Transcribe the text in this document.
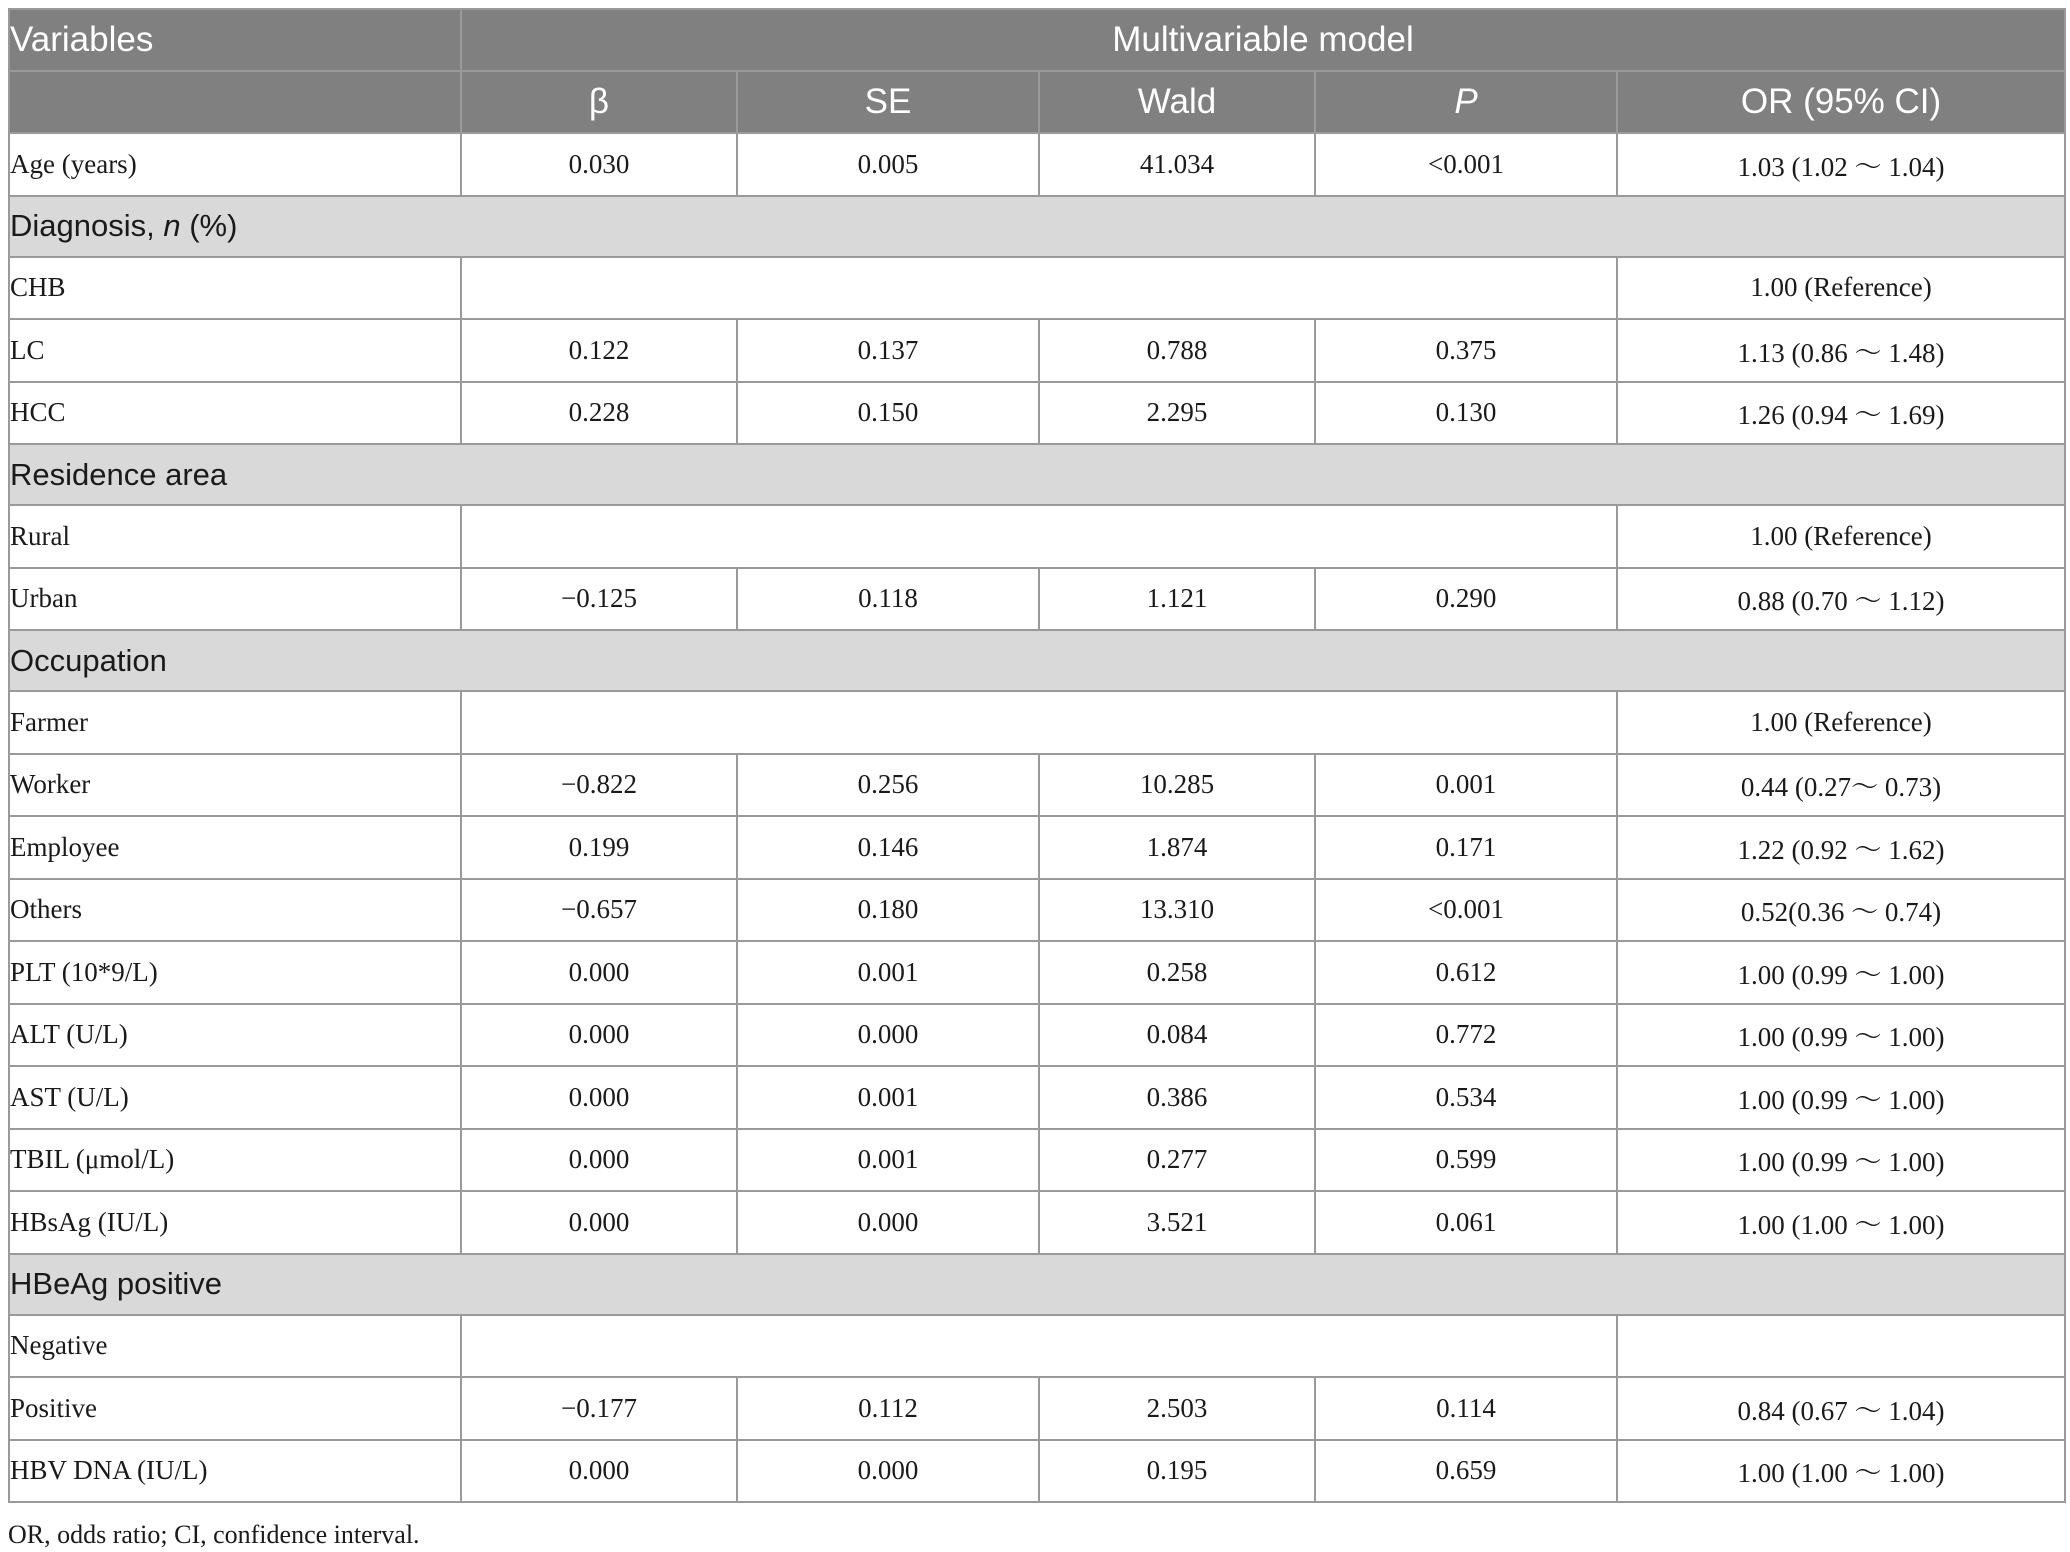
Variables	Multivariable model				
	β	SE	Wald	P	OR (95% CI)
Age (years)	0.030	0.005	41.034	<0.001	1.03 (1.02 ～ 1.04)
Diagnosis, n (%)					
CHB					1.00 (Reference)
LC	0.122	0.137	0.788	0.375	1.13 (0.86 ～ 1.48)
HCC	0.228	0.150	2.295	0.130	1.26 (0.94 ～ 1.69)
Residence area					
Rural					1.00 (Reference)
Urban	−0.125	0.118	1.121	0.290	0.88 (0.70 ～ 1.12)
Occupation					
Farmer					1.00 (Reference)
Worker	−0.822	0.256	10.285	0.001	0.44 (0.27～ 0.73)
Employee	0.199	0.146	1.874	0.171	1.22 (0.92 ～ 1.62)
Others	−0.657	0.180	13.310	<0.001	0.52(0.36 ～ 0.74)
PLT (10*9/L)	0.000	0.001	0.258	0.612	1.00 (0.99 ～ 1.00)
ALT (U/L)	0.000	0.000	0.084	0.772	1.00 (0.99 ～ 1.00)
AST (U/L)	0.000	0.001	0.386	0.534	1.00 (0.99 ～ 1.00)
TBIL (μmol/L)	0.000	0.001	0.277	0.599	1.00 (0.99 ～ 1.00)
HBsAg (IU/L)	0.000	0.000	3.521	0.061	1.00 (1.00 ～ 1.00)
HBeAg positive					
Negative					
Positive	−0.177	0.112	2.503	0.114	0.84 (0.67 ～ 1.04)
HBV DNA (IU/L)	0.000	0.000	0.195	0.659	1.00 (1.00 ～ 1.00)
OR, odds ratio; CI, confidence interval.
